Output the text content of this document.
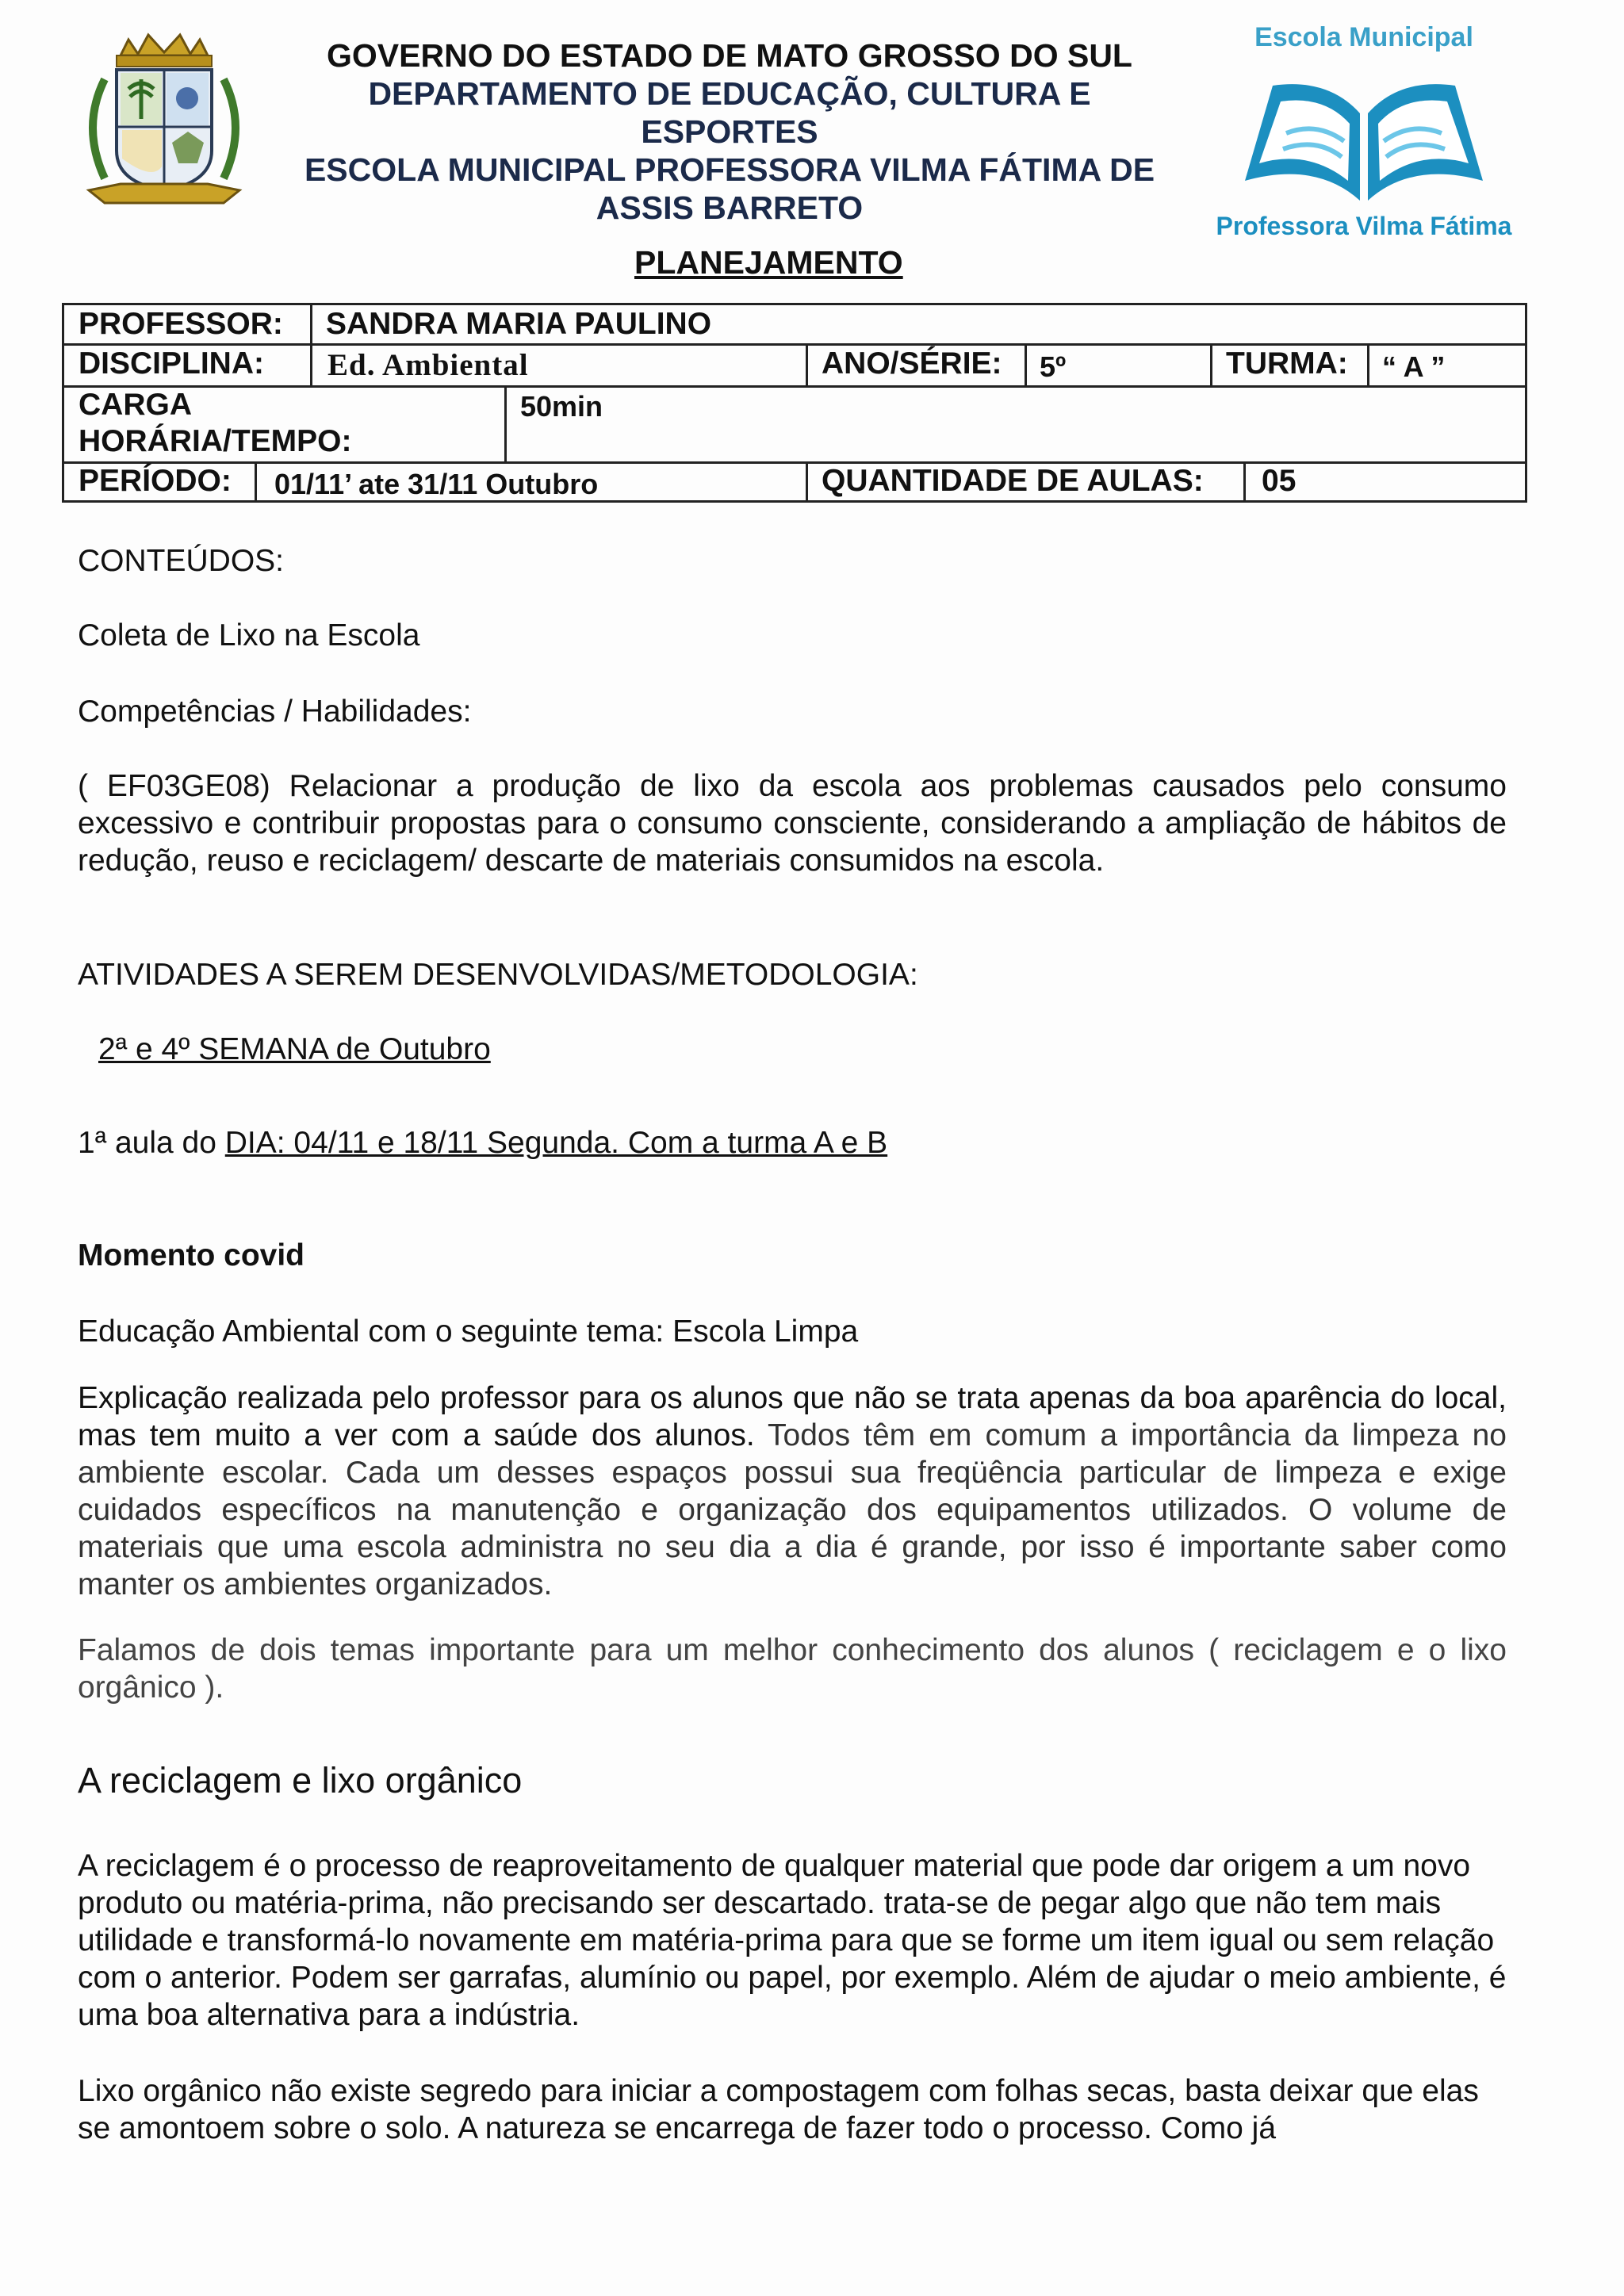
Escola Municipal
Professora Vilma Fátima
GOVERNO DO ESTADO DE MATO GROSSO DO SUL
DEPARTAMENTO DE EDUCAÇÃO, CULTURA E
ESPORTES
ESCOLA MUNICIPAL PROFESSORA VILMA FÁTIMA DE
ASSIS BARRETO
PLANEJAMENTO
PROFESSOR: SANDRA MARIA PAULINO
DISCIPLINA: Ed. Ambiental	ANO/SÉRIE: 5º	TURMA: “ A ”
CARGA
HORÁRIA/TEMPO:
50min
PERÍODO: 01/11’ ate 31/11 Outubro	QUANTIDADE DE AULAS: 05
CONTEÚDOS:
Coleta de Lixo na Escola
Competências / Habilidades:
( EF03GE08) Relacionar a produção de lixo da escola aos problemas causados pelo consumo excessivo e contribuir propostas para o consumo consciente, considerando a ampliação de hábitos de redução, reuso e reciclagem/ descarte de materiais consumidos na escola.
ATIVIDADES A SEREM DESENVOLVIDAS/METODOLOGIA:
2ª e 4º SEMANA de Outubro
1ª aula do DIA: 04/11 e 18/11 Segunda. Com a turma A e B
Momento covid
Educação Ambiental com o seguinte tema: Escola Limpa
Explicação realizada pelo professor para os alunos que não se trata apenas da boa aparência do local, mas tem muito a ver com a saúde dos alunos. Todos têm em comum a importância da limpeza no ambiente escolar. Cada um desses espaços possui sua freqüência particular de limpeza e exige cuidados específicos na manutenção e organização dos equipamentos utilizados. O volume de materiais que uma escola administra no seu dia a dia é grande, por isso é importante saber como manter os ambientes organizados.
Falamos de dois temas importante para um melhor conhecimento dos alunos ( reciclagem e o lixo orgânico ).
A reciclagem e lixo orgânico
A reciclagem é o processo de reaproveitamento de qualquer material que pode dar origem a um novo produto ou matéria-prima, não precisando ser descartado. trata-se de pegar algo que não tem mais utilidade e transformá-lo novamente em matéria-prima para que se forme um item igual ou sem relação com o anterior. Podem ser garrafas, alumínio ou papel, por exemplo. Além de ajudar o meio ambiente, é uma boa alternativa para a indústria.
Lixo orgânico não existe segredo para iniciar a compostagem com folhas secas, basta deixar que elas se amontoem sobre o solo. A natureza se encarrega de fazer todo o processo. Como já
